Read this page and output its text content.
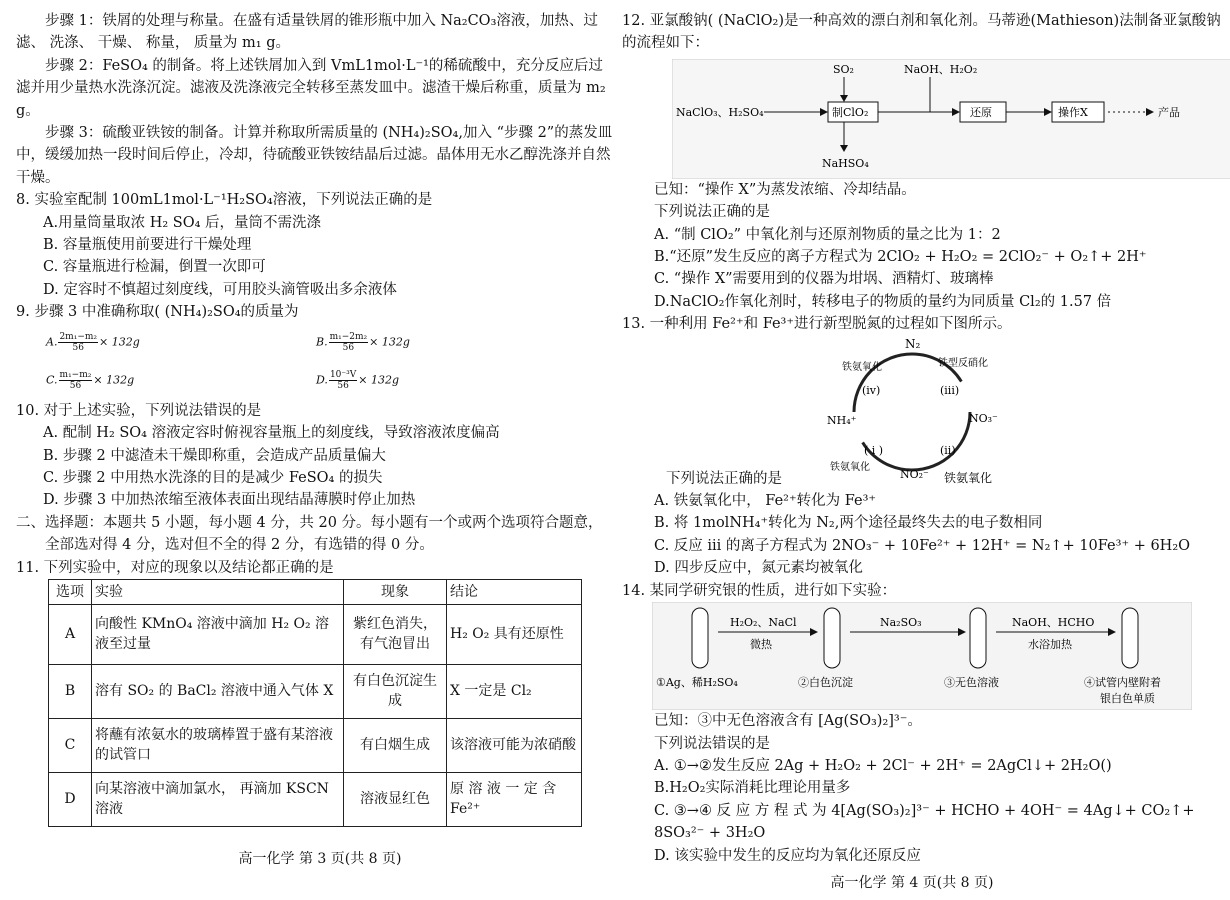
步骤 1：铁屑的处理与称量。在盛有适量铁屑的锥形瓶中加入 Na₂CO₃溶液，加热、过滤、 洗涤、 干燥、 称量， 质量为 m₁ g。

步骤 2：FeSO₄ 的制备。将上述铁屑加入到 VmL1mol·L⁻¹的稀硫酸中，充分反应后过滤并用少量热水洗涤沉淀。滤液及洗涤液完全转移至蒸发皿中。滤渣干燥后称重，质量为 m₂ g。

步骤 3：硫酸亚铁铵的制备。计算并称取所需质量的 (NH₄)₂SO₄,加入 “步骤 2”的蒸发皿中，缓缓加热一段时间后停止，冷却，待硫酸亚铁铵结晶后过滤。晶体用无水乙醇洗涤并自然干燥。

8. 实验室配制 100mL1mol·L⁻¹H₂SO₄溶液，下列说法正确的是

A.用量筒量取浓 H₂ SO₄ 后，量筒不需洗涤

B. 容量瓶使用前要进行干燥处理

C. 容量瓶进行检漏，倒置一次即可

D. 定容时不慎超过刻度线，可用胶头滴管吸出多余液体

9. 步骤 3 中准确称取( (NH₄)₂SO₄的质量为

A. $\frac{\text{2m₁−m₂}}{56} \times 132g$	B. $\frac{\text{m₁−2m₂}}{56} \times 132g$
C. $\frac{\text{m₁−m₂}}{56} \times 132g$	D. $\frac{\text{10⁻³V}}{56} \times 132g$

10. 对于上述实验，下列说法错误的是

A. 配制 H₂ SO₄ 溶液定容时俯视容量瓶上的刻度线，导致溶液浓度偏高

B. 步骤 2 中滤渣未干燥即称重，会造成产品质量偏大

C. 步骤 2 中用热水洗涤的目的是减少 FeSO₄ 的损失

D. 步骤 3 中加热浓缩至液体表面出现结晶薄膜时停止加热

二、选择题：本题共 5 小题，每小题 4 分，共 20 分。每小题有一个或两个选项符合题意，全部选对得 4 分，选对但不全的得 2 分，有选错的得 0 分。

11. 下列实验中，对应的现象以及结论都正确的是

选项	实验	现象	结论
A	向酸性 KMnO₄ 溶液中滴加 H₂ O₂ 溶液至过量	紫红色消失，有气泡冒出	H₂ O₂ 具有还原性
B	溶有 SO₂ 的 BaCl₂ 溶液中通入气体 X	有白色沉淀生成	X 一定是 Cl₂
C	将蘸有浓氨水的玻璃棒置于盛有某溶液的试管口	有白烟生成	该溶液可能为浓硝酸
D	向某溶液中滴加氯水， 再滴加 KSCN 溶液	溶液显红色	原 溶 液 一 定 含 Fe²⁺
高一化学 第 3 页(共 8 页)

12. 亚氯酸钠( (NaClO₂)是一种高效的漂白剂和氧化剂。马蒂逊(Mathieson)法制备亚氯酸钠的流程如下：

NaClO₃、H₂SO₄
SO₂
制ClO₂
NaHSO₄
NaOH、H₂O₂
还原	操作X	产品

已知：“操作 X”为蒸发浓缩、冷却结晶。

下列说法正确的是

A. “制 ClO₂” 中氧化剂与还原剂物质的量之比为 1：2

B.“还原”发生反应的离子方程式为 2ClO₂ + H₂O₂ = 2ClO₂⁻ + O₂↑+ 2H⁺

C. “操作 X”需要用到的仪器为坩埚、酒精灯、玻璃棒

D.NaClO₂作氧化剂时，转移电子的物质的量约为同质量 Cl₂的 1.57 倍

13. 一种利用 Fe²⁺和 Fe³⁺进行新型脱氮的过程如下图所示。

N₂
NH₄⁺	NO₃⁻
NO₂⁻
(iv)	(iii)
(ii)
( i )
铁氨氧化	铁型反硝化
铁氨氧化
铁氨氧化

下列说法正确的是

A. 铁氨氧化中， Fe²⁺转化为 Fe³⁺

B. 将 1molNH₄⁺转化为 N₂,两个途径最终失去的电子数相同

C. 反应 iii 的离子方程式为 2NO₃⁻ + 10Fe²⁺ + 12H⁺ = N₂↑+ 10Fe³⁺ + 6H₂O

D. 四步反应中，氮元素均被氧化

14. 某同学研究银的性质，进行如下实验：

H₂O₂、NaCl
微热
Na₂SO₃	NaOH、HCHO
水浴加热
①Ag、稀H₂SO₄	②白色沉淀	③无色溶液	④试管内壁附着
银白色单质

已知：③中无色溶液含有 [Ag(SO₃)₂]³⁻。

下列说法错误的是

A. ①→②发生反应 2Ag + H₂O₂ + 2Cl⁻ + 2H⁺ = 2AgCl↓+ 2H₂O()

B.H₂O₂实际消耗比理论用量多

C. ③→④ 反 应 方 程 式 为 4[Ag(SO₃)₂]³⁻ + HCHO + 4OH⁻ = 4Ag↓+ CO₂↑+

8SO₃²⁻ + 3H₂O

D. 该实验中发生的反应均为氧化还原反应

高一化学 第 4 页(共 8 页)
